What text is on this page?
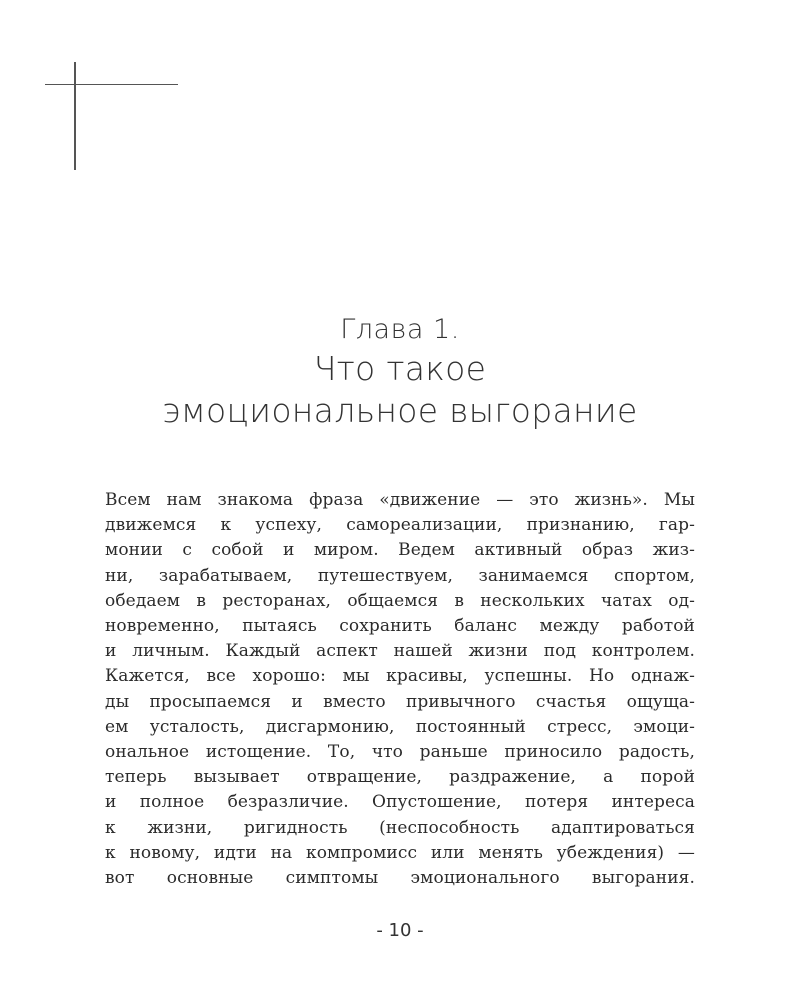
Глава 1.
Что такое
эмоциональное выгорание
Всем нам знакома фраза «движение — это жизнь». Мы
движемся к успеху, самореализации, признанию, гар-
монии с собой и миром. Ведем активный образ жиз-
ни, зарабатываем, путешествуем, занимаемся спортом,
обедаем в ресторанах, общаемся в нескольких чатах од-
новременно, пытаясь сохранить баланс между работой
и личным. Каждый аспект нашей жизни под контролем.
Кажется, все хорошо: мы красивы, успешны. Но однаж-
ды просыпаемся и вместо привычного счастья ощуща-
ем усталость, дисгармонию, постоянный стресс, эмоци-
ональное истощение. То, что раньше приносило радость,
теперь вызывает отвращение, раздражение, а порой
и полное безразличие. Опустошение, потеря интереса
к жизни, ригидность (неспособность адаптироваться
к новому, идти на компромисс или менять убеждения) —
вот основные симптомы эмоционального выгорания.
- 10 -
